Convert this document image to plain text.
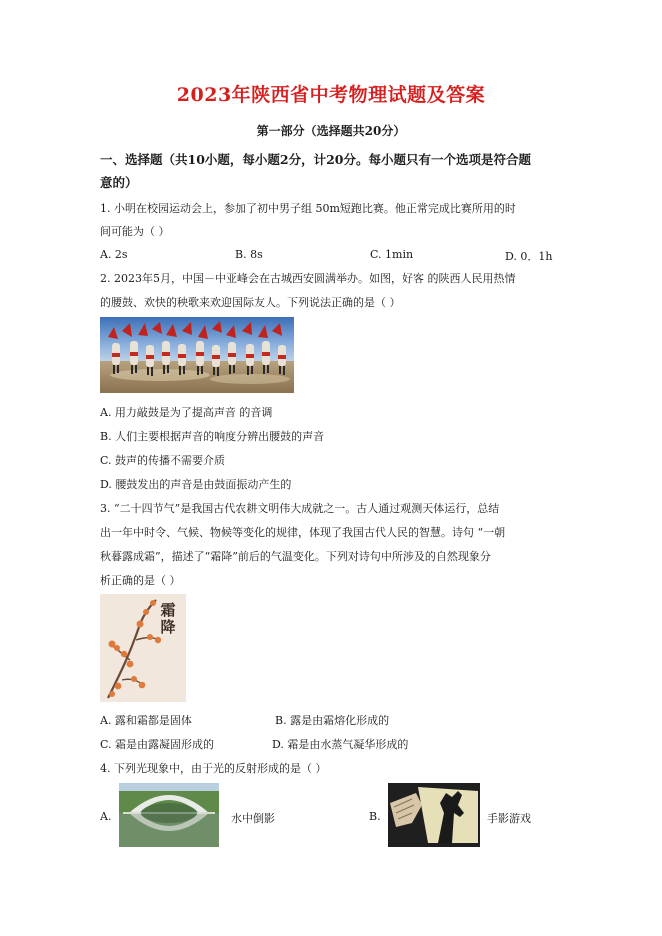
2023年陕西省中考物理试题及答案
第一部分（选择题共20分）
一、选择题（共10小题，每小题2分，计20分。每小题只有一个选项是符合题
意的）
1. 小明在校园运动会上，参加了初中男子组 50m短跑比赛。他正常完成比赛所用的时
间可能为（ ）
A. 2s	B. 8s	C. 1min	D. 0．1h
2. 2023年5月，中国－中亚峰会在古城西安圆满举办。如图，好客 的陕西人民用热情
的腰鼓、欢快的秧歌来欢迎国际友人。下列说法正确的是（ ）
A. 用力敲鼓是为了提高声音 的音调
B. 人们主要根据声音的响度分辨出腰鼓的声音
C. 鼓声的传播不需要介质
D. 腰鼓发出的声音是由鼓面振动产生的
3. “二十四节气”是我国古代农耕文明伟大成就之一。古人通过观测天体运行，总结
出一年中时令、气候、物候等变化的规律，体现了我国古代人民的智慧。诗句 “一朝
秋暮露成霜”，描述了“霜降”前后的气温变化。下列对诗句中所涉及的自然现象分
析正确的是（ ）
霜降
A. 露和霜都是固体	B. 露是由霜熔化形成的
C. 霜是由露凝固形成的	D. 霜是由水蒸气凝华形成的
4. 下列光现象中，由于光的反射形成的是（ ）
A.	水中倒影	B.	手影游戏
